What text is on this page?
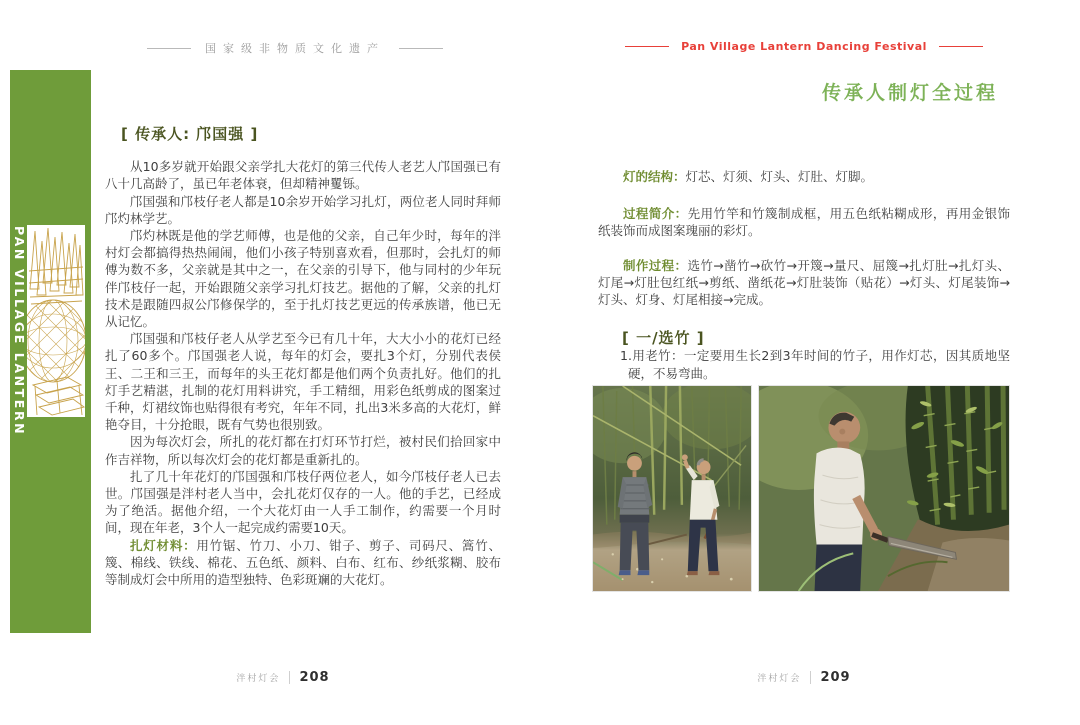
国家级非物质文化遗产
PAN VILLAGE LANTERN
[ 传承人: 邝国强 ]

从10多岁就开始跟父亲学扎大花灯的第三代传人老艺人邝国强已有八十几高龄了，虽已年老体衰，但却精神矍铄。

邝国强和邝枝仔老人都是10余岁开始学习扎灯，两位老人同时拜师邝灼林学艺。

邝灼林既是他的学艺师傅，也是他的父亲，自己年少时，每年的泮村灯会都搞得热热闹闹，他们小孩子特别喜欢看，但那时，会扎灯的师傅为数不多，父亲就是其中之一，在父亲的引导下，他与同村的少年玩伴邝枝仔一起，开始跟随父亲学习扎灯技艺。据他的了解，父亲的扎灯技术是跟随四叔公邝修保学的，至于扎灯技艺更远的传承族谱，他已无从记忆。

邝国强和邝枝仔老人从学艺至今已有几十年，大大小小的花灯已经扎了60多个。邝国强老人说，每年的灯会，要扎3个灯，分别代表侯王、二王和三王，而每年的头王花灯都是他们两个负责扎好。他们的扎灯手艺精湛，扎制的花灯用料讲究，手工精细，用彩色纸剪成的图案过千种，灯裙纹饰也贴得很有考究，年年不同，扎出3米多高的大花灯，鲜艳夺目，十分抢眼，既有气势也很别致。

因为每次灯会，所扎的花灯都在打灯环节打烂，被村民们拾回家中作吉祥物，所以每次灯会的花灯都是重新扎的。

扎了几十年花灯的邝国强和邝枝仔两位老人，如今邝枝仔老人已去世。邝国强是泮村老人当中，会扎花灯仅存的一人。他的手艺，已经成为了绝活。据他介绍，一个大花灯由一人手工制作，约需要一个月时间，现在年老，3个人一起完成约需要10天。

扎灯材料：用竹锯、竹刀、小刀、钳子、剪子、司码尺、篙竹、篾、棉线、铁线、棉花、五色纸、颜料、白布、红布、纱纸浆糊、胶布等制成灯会中所用的造型独特、色彩斑斓的大花灯。

泮村灯会 208
Pan Village Lantern Dancing Festival
传承人制灯全过程

灯的结构：灯芯、灯须、灯头、灯肚、灯脚。

过程简介：先用竹竿和竹篾制成框，用五色纸粘糊成形，再用金银饰纸装饰而成图案瑰丽的彩灯。

制作过程：选竹→凿竹→砍竹→开篾→量尺、屈篾→扎灯肚→扎灯头、灯尾→灯肚包红纸→剪纸、凿纸花→灯肚装饰（贴花）→灯头、灯尾装饰→灯头、灯身、灯尾相接→完成。

[ 一/选竹 ]

1.用老竹：一定要用生长2到3年时间的竹子，用作灯芯，因其质地坚硬，不易弯曲。

泮村灯会 209
